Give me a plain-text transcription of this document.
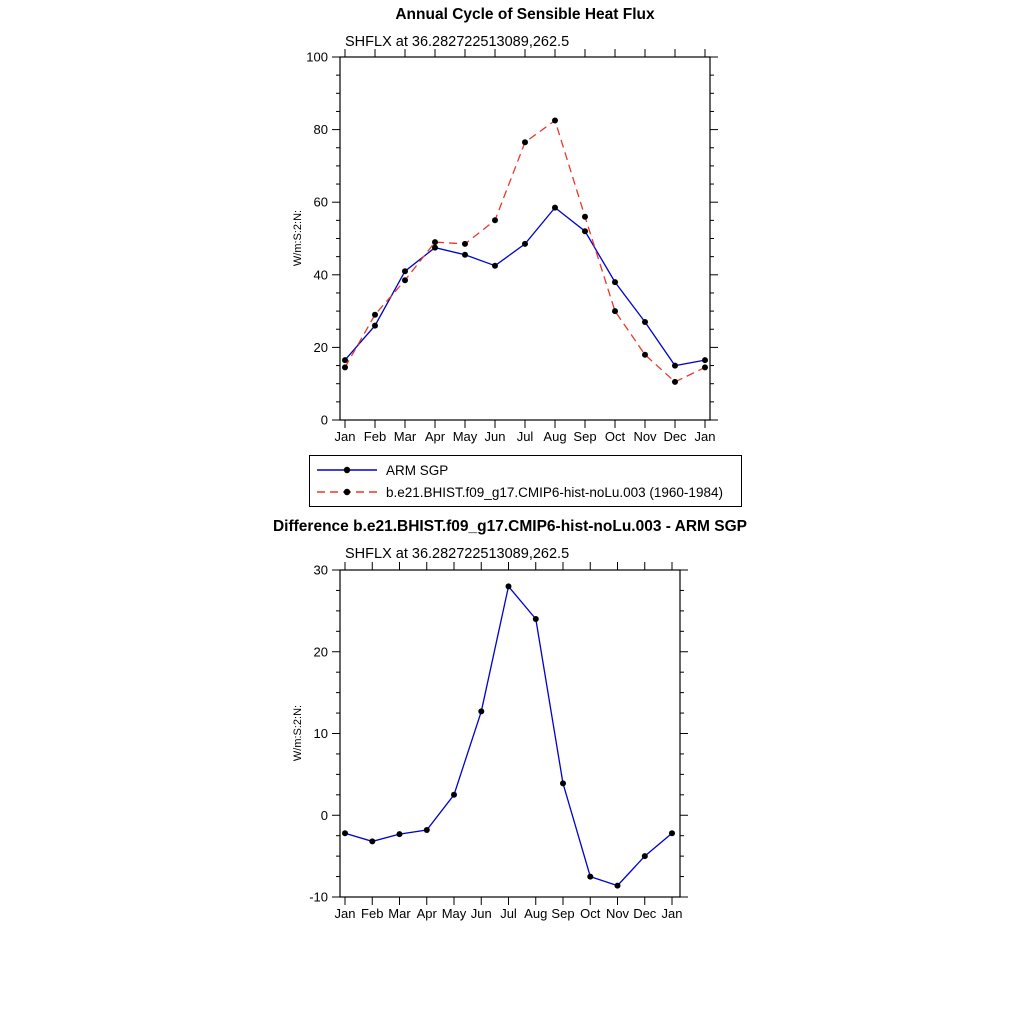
Annual Cycle of Sensible Heat Flux
SHFLX at 36.282722513089,262.5
W/m:S:2:N:
Difference b.e21.BHIST.f09_g17.CMIP6-hist-noLu.003 - ARM SGP
SHFLX at 36.282722513089,262.5
W/m:S:2:N:
0
20
40
60
80
100
Jan Feb Mar Apr May Jun Jul Aug Sep Oct Nov Dec Jan
-10
0
10
20
30
Jan Feb Mar Apr May Jun Jul Aug Sep Oct Nov Dec Jan
ARM SGP
b.e21.BHIST.f09_g17.CMIP6-hist-noLu.003 (1960-1984)
